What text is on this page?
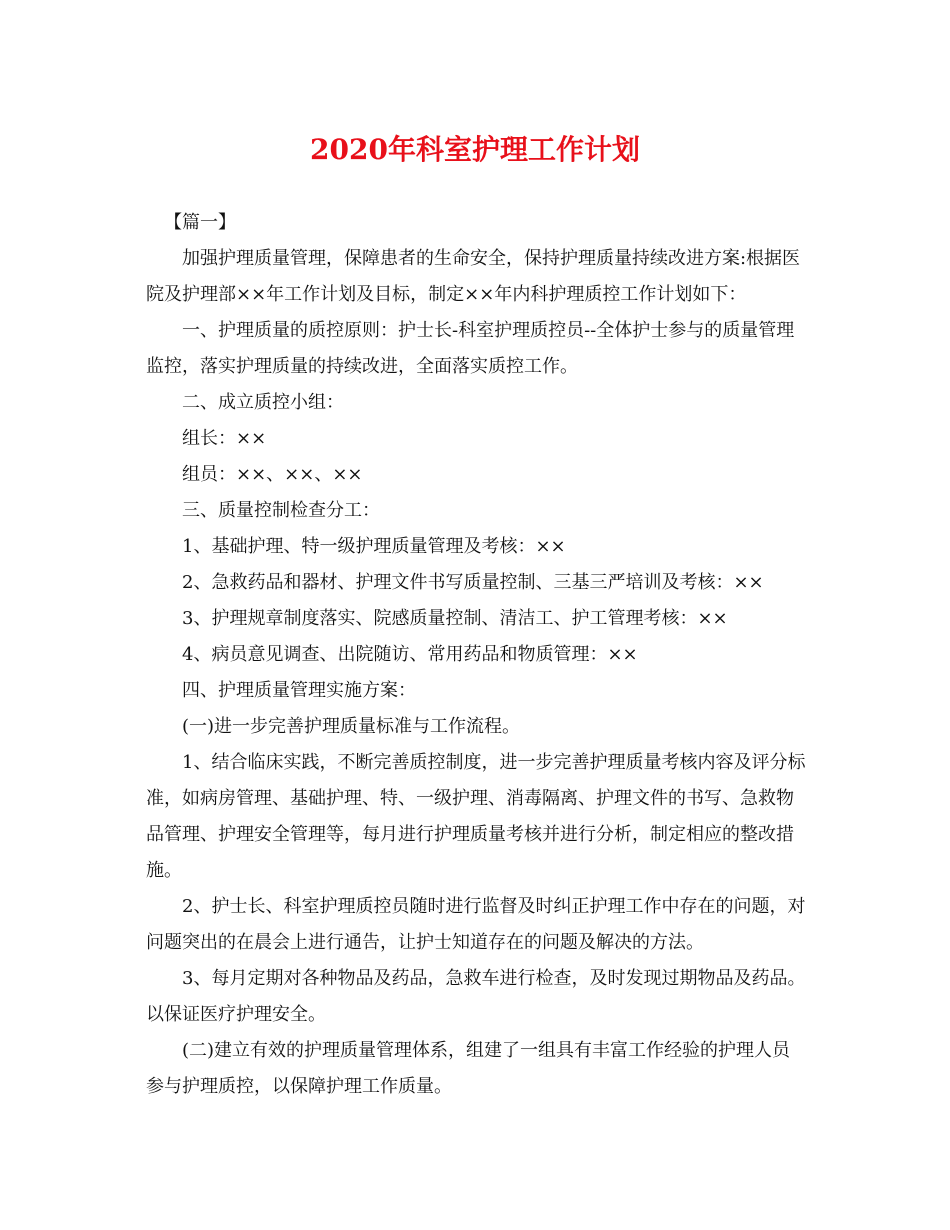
2020年科室护理工作计划

【篇一】

加强护理质量管理，保障患者的生命安全，保持护理质量持续改进方案:根据医院及护理部××年工作计划及目标，制定××年内科护理质控工作计划如下：

一、护理质量的质控原则：护士长-科室护理质控员--全体护士参与的质量管理监控，落实护理质量的持续改进，全面落实质控工作。

二、成立质控小组：

组长：××

组员：××、××、××

三、质量控制检查分工：

1、基础护理、特一级护理质量管理及考核：××

2、急救药品和器材、护理文件书写质量控制、三基三严培训及考核：××

3、护理规章制度落实、院感质量控制、清洁工、护工管理考核：××

4、病员意见调查、出院随访、常用药品和物质管理：××

四、护理质量管理实施方案：

(一)进一步完善护理质量标准与工作流程。

1、结合临床实践，不断完善质控制度，进一步完善护理质量考核内容及评分标准，如病房管理、基础护理、特、一级护理、消毒隔离、护理文件的书写、急救物品管理、护理安全管理等，每月进行护理质量考核并进行分析，制定相应的整改措施。

2、护士长、科室护理质控员随时进行监督及时纠正护理工作中存在的问题，对问题突出的在晨会上进行通告，让护士知道存在的问题及解决的方法。

3、每月定期对各种物品及药品，急救车进行检查，及时发现过期物品及药品。以保证医疗护理安全。

(二)建立有效的护理质量管理体系，组建了一组具有丰富工作经验的护理人员参与护理质控，以保障护理工作质量。
